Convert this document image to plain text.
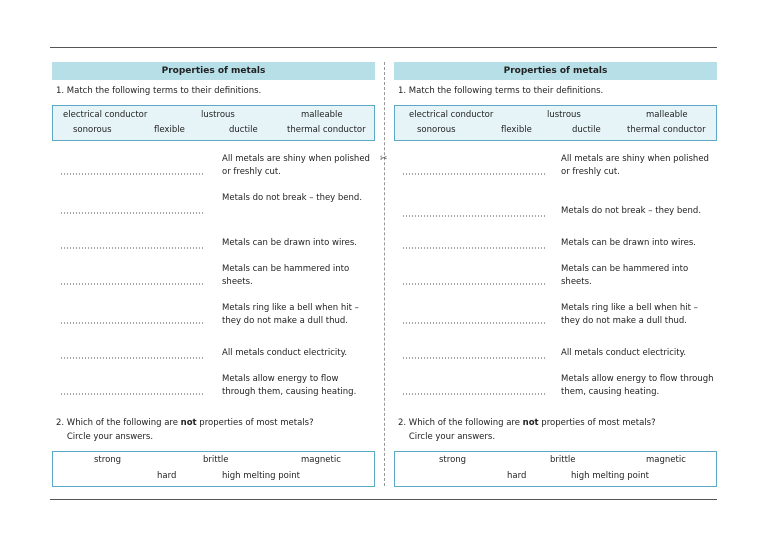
✂
Properties of metals
1. Match the following terms to their definitions.
electrical conductor	lustrous	malleable
sonorous	flexible	ductile	thermal conductor
All metals are shiny when polished or freshly cut.
Metals do not break – they bend.
Metals can be drawn into wires.
Metals can be hammered into sheets.
Metals ring like a bell when hit – they do not make a dull thud.
All metals conduct electricity.
Metals allow energy to flow through them, causing heating.
2. Which of the following are not properties of most metals?
Circle your answers.
strong	brittle	magnetic
hard	high melting point
Properties of metals
1. Match the following terms to their definitions.
electrical conductor	lustrous	malleable
sonorous	flexible	ductile	thermal conductor
All metals are shiny when polished or freshly cut.
Metals do not break – they bend.
Metals can be drawn into wires.
Metals can be hammered into sheets.
Metals ring like a bell when hit – they do not make a dull thud.
All metals conduct electricity.
Metals allow energy to flow through them, causing heating.
2. Which of the following are not properties of most metals?
Circle your answers.
strong	brittle	magnetic
hard	high melting point
